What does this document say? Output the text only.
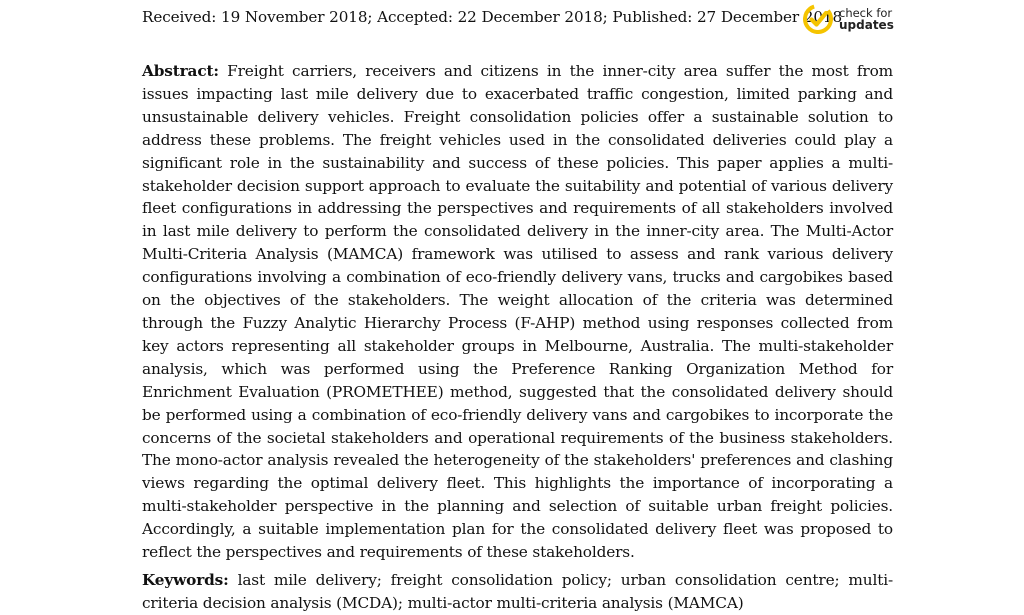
Received: 19 November 2018; Accepted: 22 December 2018; Published: 27 December 2018
check for
updates

Abstract: Freight carriers, receivers and citizens in the inner-city area suffer the most from issues impacting last mile delivery due to exacerbated traffic congestion, limited parking and unsustainable delivery vehicles. Freight consolidation policies offer a sustainable solution to address these problems. The freight vehicles used in the consolidated deliveries could play a significant role in the sustainability and success of these policies. This paper applies a multi-stakeholder decision support approach to evaluate the suitability and potential of various delivery fleet configurations in addressing the perspectives and requirements of all stakeholders involved in last mile delivery to perform the consolidated delivery in the inner-city area. The Multi-Actor Multi-Criteria Analysis (MAMCA) framework was utilised to assess and rank various delivery configurations involving a combination of eco-friendly delivery vans, trucks and cargobikes based on the objectives of the stakeholders. The weight allocation of the criteria was determined through the Fuzzy Analytic Hierarchy Process (F-AHP) method using responses collected from key actors representing all stakeholder groups in Melbourne, Australia. The multi-stakeholder analysis, which was performed using the Preference Ranking Organization Method for Enrichment Evaluation (PROMETHEE) method, suggested that the consolidated delivery should be performed using a combination of eco-friendly delivery vans and cargobikes to incorporate the concerns of the societal stakeholders and operational requirements of the business stakeholders. The mono-actor analysis revealed the heterogeneity of the stakeholders' preferences and clashing views regarding the optimal delivery fleet. This highlights the importance of incorporating a multi-stakeholder perspective in the planning and selection of suitable urban freight policies. Accordingly, a suitable implementation plan for the consolidated delivery fleet was proposed to reflect the perspectives and requirements of these stakeholders.

Keywords: last mile delivery; freight consolidation policy; urban consolidation centre; multi-criteria decision analysis (MCDA); multi-actor multi-criteria analysis (MAMCA)
